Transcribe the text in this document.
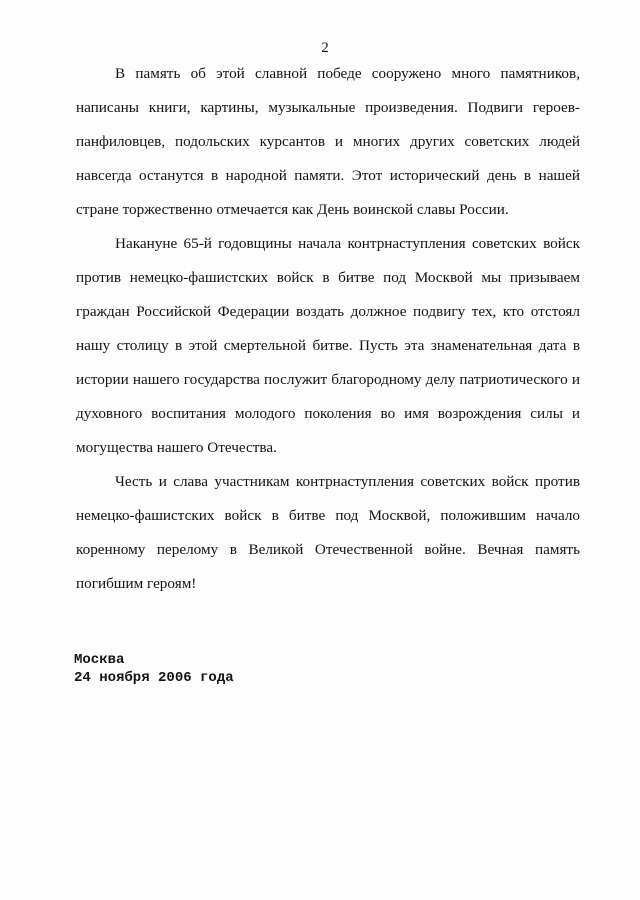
2
В память об этой славной победе сооружено много памятников,
написаны книги, картины, музыкальные произведения. Подвиги героев-
панфиловцев, подольских курсантов и многих других советских людей
навсегда останутся в народной памяти. Этот исторический день в нашей
стране торжественно отмечается как День воинской славы России.
Накануне 65-й годовщины начала контрнаступления советских войск
против немецко-фашистских войск в битве под Москвой мы призываем
граждан Российской Федерации воздать должное подвигу тех, кто отстоял
нашу столицу в этой смертельной битве. Пусть эта знаменательная дата в
истории нашего государства послужит благородному делу патриотического и
духовного воспитания молодого поколения во имя возрождения силы и
могущества нашего Отечества.
Честь и слава участникам контрнаступления советских войск против
немецко-фашистских войск в битве под Москвой, положившим начало
коренному перелому в Великой Отечественной войне. Вечная память
погибшим героям!
Москва
24 ноября 2006 года
